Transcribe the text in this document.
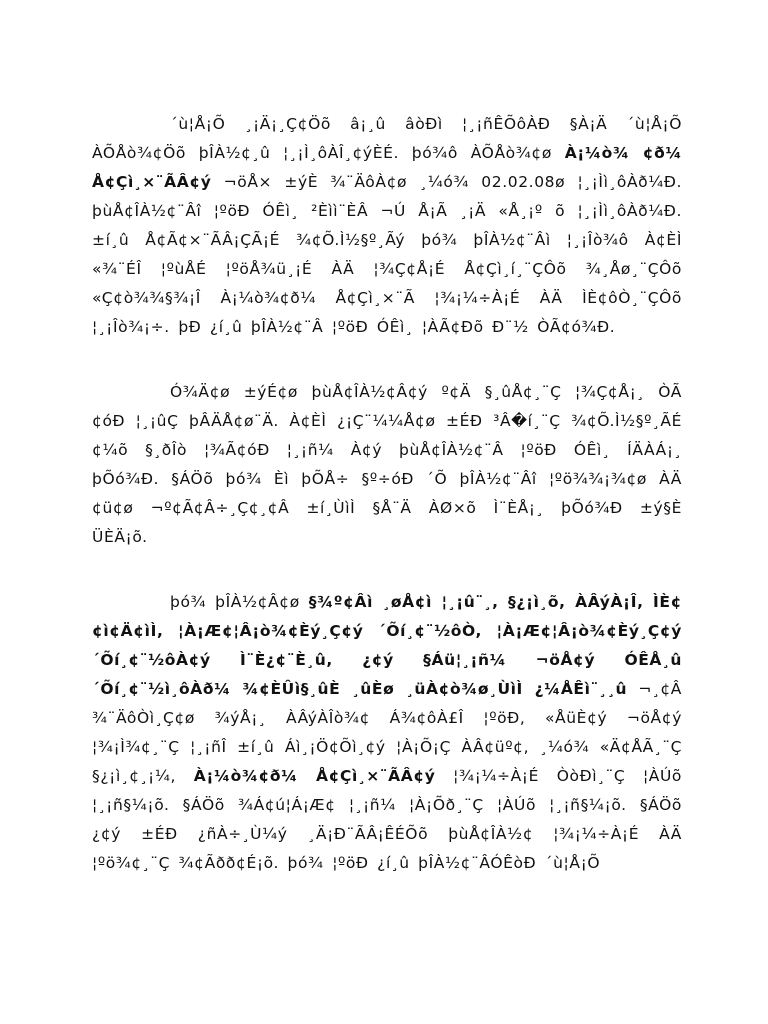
´ù¦Å¡Õ ¸¡Ä¡¸Ç¢Öõ â¡¸û âòÐì ¦¸¡ñÊÕôÀÐ §À¡Ä ´ù¦Å¡Õ ÀÕÅò¾¢Öõ þÎÀ½¢¸û ¦¸¡Ì¸ôÀÎ¸¢ýÈÉ. þó¾ô ÀÕÅò¾¢ø À¡¼ò¾ ¢ð¼ Å¢Çì¸×¨ÃÂ¢ý ¬öÅ× ±ýÈ ¾¨ÄôÀ¢ø ¸¼ó¾ 02.02.08ø ¦¸¡Ìì¸ôÀð¼Ð. þùÅ¢ÎÀ½¢¨Âî ¦ºöÐ ÓÊì¸ ²Èìì¨ÈÂ ¬Ú Å¡Ã ¸¡Ä «Å¸¡º õ ¦¸¡Ìì¸ôÀð¼Ð. ±í¸û Å¢Ã¢×¨ÃÂ¡ÇÃ¡É ¾¢Õ.Ì½§º¸Ãý þó¾ þÎÀ½¢¨Âì ¦¸¡Îò¾ô À¢ÈÌ «¾¨ÉÎ ¦ºùÅÉ ¦ºöÅ¾ü¸¡É ÀÄ ¦¾Ç¢Å¡É Å¢Çì¸í¸¨ÇÔõ ¾¸Åø¸¨ÇÔõ «Ç¢ò¾¾§¾¡Î À¡¼ò¾¢ð¼ Å¢Çì¸×¨Ã ¦¾¡¼÷À¡É ÀÄ ÌÈ¢ôÒ¸¨ÇÔõ ¦¸¡Îò¾¡÷. þÐ ¿í¸û þÎÀ½¢¨Â ¦ºöÐ ÓÊì¸ ¦ÀÃ¢Ðõ Ð¨½ ÒÃ¢ó¾Ð.

Ó¾Ä¢ø ±ýÉ¢ø þùÅ¢ÎÀ½¢Â¢ý º¢Ä §¸ûÅ¢¸¨Ç ¦¾Ç¢Å¡¸ ÒÃ ¢óÐ ¦¸¡ûÇ þÂÄÅ¢ø¨Ä. À¢ÈÌ ¿¡Ç¨¼¼Å¢ø ±ÉÐ ³Â�í¸¨Ç ¾¢Õ.Ì½§º¸ÃÉ ¢¼õ §¸ðÎò ¦¾Ã¢óÐ ¦¸¡ñ¼ À¢ý þùÅ¢ÎÀ½¢¨Â ¦ºöÐ ÓÊì¸ ÍÄÀÁ¡¸ þÕó¾Ð. §ÁÖõ þó¾ Èì þÕÅ÷ §º÷óÐ ´Õ þÎÀ½¢¨Âî ¦ºö¾¾¡¾¢ø ÀÄ ¢ü¢ø ¬º¢Ã¢Â÷¸Ç¢¸¢Â ±í¸ÙìÌ §Å¨Ä ÀØ×õ Ì¨ÈÅ¡¸ þÕó¾Ð ±ý§È ÜÈÄ¡õ.

þó¾ þÎÀ½¢Â¢ø §¾º¢Âì ¸øÅ¢ì ¦¸¡û¨¸, §¿¡ì¸õ, ÀÂýÀ¡Î, ÌÈ¢¢ì¢Ä¢ìÌ, ¦À¡Æ¢¦Â¡ò¾¢Èý¸Ç¢ý ´Õí¸¢¨½ôÒ, ¦À¡Æ¢¦Â¡ò¾¢Èý¸Ç¢ý ´Õí¸¢¨½ôÀ¢ý Ì¨È¿¢¨È¸û, ¿¢ý §Áü¦¸¡ñ¼ ¬öÅ¢ý ÓÊÅ¸û ´Õí¸¢¨½ì¸ôÀð¼ ¾¢ÈÛì§¸ûÈ ¸ûÈø ¸üÀ¢ò¾ø¸ÙìÌ ¿¼ÅÊì¨¸¸û ¬¸¢Â ¾¨ÄôÒì¸Ç¢ø ¾ýÅ¡¸ ÀÂýÀÎò¾¢ Á¾¢ôÀ£Î ¦ºöÐ, «ÅüÈ¢ý ¬öÅ¢ý ¦¾¡Ì¾¢¸¨Ç ¦¸¡ñÎ ±í¸û Áì¸¡Ö¢Õì¸¢ý ¦À¡Õ¡Ç ÀÂ¢üº¢, ¸¼ó¾ «Ä¢ÅÃ¸¨Ç §¿¡ì¸¢¸¡¼, À¡¼ò¾¢ð¼ Å¢Çì¸×¨ÃÂ¢ý ¦¾¡¼÷À¡É ÒòÐì¸¨Ç ¦ÀÚõ ¦¸¡ñ§¼¡õ. §ÁÖõ ¾Á¢ú¦Á¡Æ¢ ¦¸¡ñ¼ ¦À¡Õð¸¨Ç ¦ÀÚõ ¦¸¡ñ§¼¡õ. §ÁÖõ ¿¢ý ±ÉÐ ¿ñÀ÷¸Ù¼ý ¸Ä¡Ð¨ÃÂ¡ÊÉÕõ þùÅ¢ÎÀ½¢ ¦¾¡¼÷À¡É ÀÄ ¦ºö¾¢¸¨Ç ¾¢Ãðð¢É¡õ. þó¾ ¦ºöÐ ¿í¸û þÎÀ½¢¨ÂÓÊòÐ ´ù¦Å¡Õ
